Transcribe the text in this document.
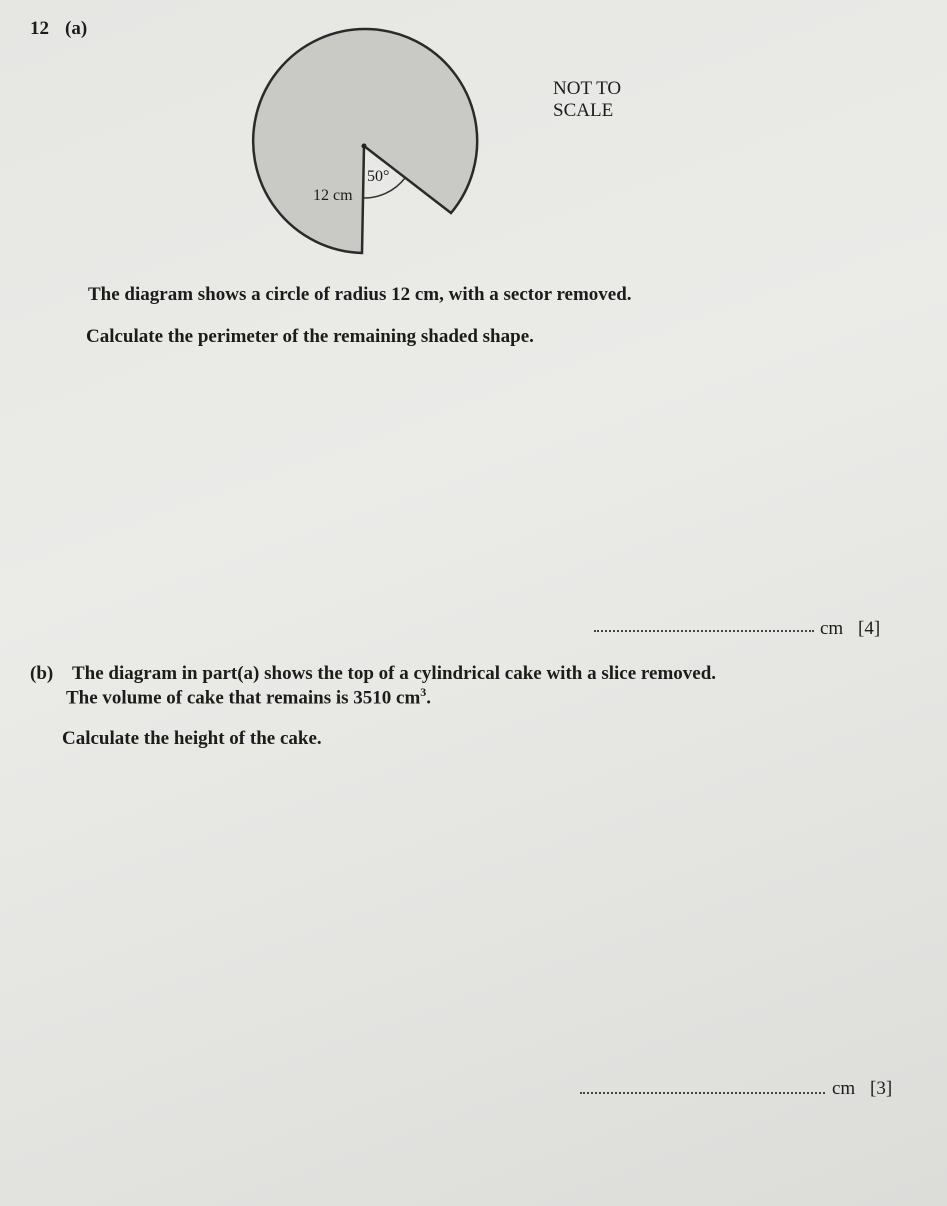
12 (a)
50°
12 cm
NOT TO
SCALE
The diagram shows a circle of radius 12 cm, with a sector removed.
Calculate the perimeter of the remaining shaded shape.
cm [4]
(b) The diagram in part(a) shows the top of a cylindrical cake with a slice removed.
The volume of cake that remains is 3510 $cm^3$.
Calculate the height of the cake.
cm [3]
